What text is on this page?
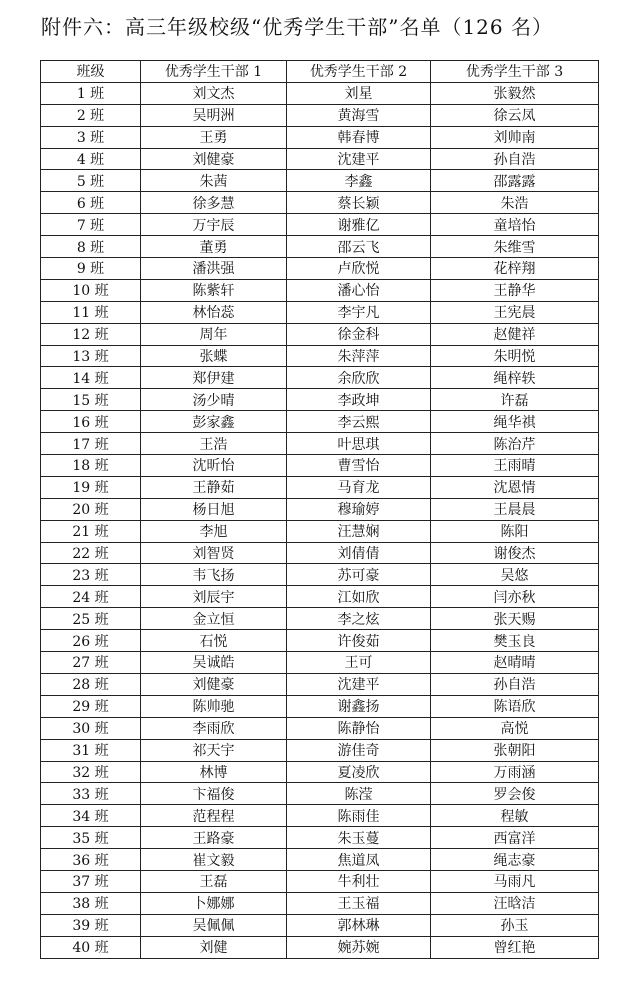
附件六：高三年级校级“优秀学生干部”名单（126 名）
班级	优秀学生干部 1	优秀学生干部 2	优秀学生干部 3
1 班	刘文杰	刘星	张毅然
2 班	吴明洲	黄海雪	徐云凤
3 班	王勇	韩春博	刘帅南
4 班	刘健豪	沈建平	孙自浩
5 班	朱茜	李鑫	邵露露
6 班	徐多慧	蔡长颖	朱浩
7 班	万宇辰	谢雅亿	童培怡
8 班	董勇	邵云飞	朱维雪
9 班	潘洪强	卢欣悦	花梓翔
10 班	陈紫轩	潘心怡	王静华
11 班	林怡蕊	李宇凡	王宪晨
12 班	周年	徐金科	赵健祥
13 班	张蝶	朱萍萍	朱明悦
14 班	郑伊建	余欣欣	绳梓轶
15 班	汤少晴	李政坤	许磊
16 班	彭家鑫	李云熙	绳华祺
17 班	王浩	叶思琪	陈治芹
18 班	沈昕怡	曹雪怡	王雨晴
19 班	王静茹	马育龙	沈恩情
20 班	杨日旭	穆瑜婷	王晨晨
21 班	李旭	汪慧娴	陈阳
22 班	刘智贤	刘倩倩	谢俊杰
23 班	韦飞扬	苏可豪	吴悠
24 班	刘辰宇	江如欣	闫亦秋
25 班	金立恒	李之炫	张天赐
26 班	石悦	许俊茹	樊玉良
27 班	吴诚皓	王可	赵晴晴
28 班	刘健豪	沈建平	孙自浩
29 班	陈帅驰	谢鑫扬	陈语欣
30 班	李雨欣	陈静怡	高悦
31 班	祁天宇	游佳奇	张朝阳
32 班	林博	夏凌欣	万雨涵
33 班	卞福俊	陈滢	罗会俊
34 班	范程程	陈雨佳	程敏
35 班	王路豪	朱玉蔓	西富洋
36 班	崔文毅	焦道凤	绳志豪
37 班	王磊	牛利壮	马雨凡
38 班	卜娜娜	王玉福	汪晗洁
39 班	吴佩佩	郭林琳	孙玉
40 班	刘健	婉苏婉	曾红艳
